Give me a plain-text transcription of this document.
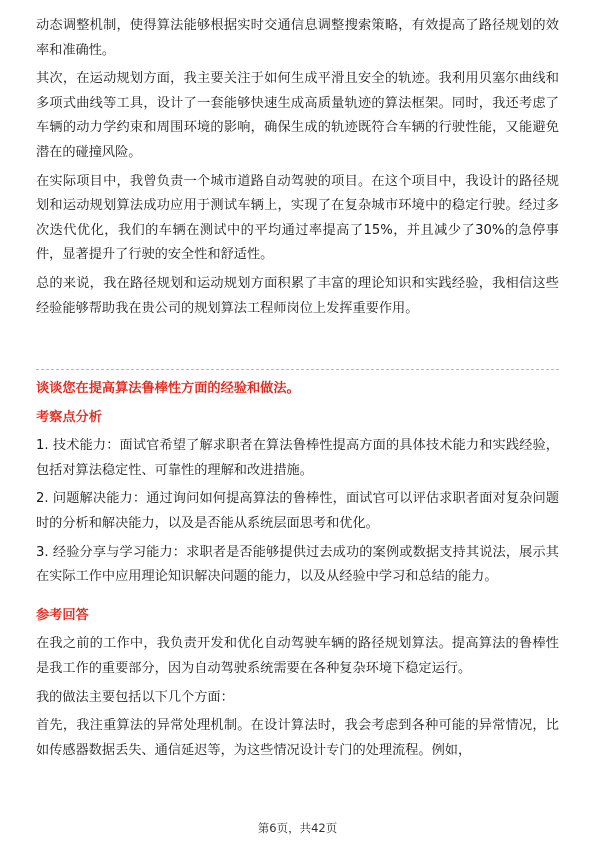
动态调整机制，使得算法能够根据实时交通信息调整搜索策略，有效提高了路径规划的效率和准确性。

其次，在运动规划方面，我主要关注于如何生成平滑且安全的轨迹。我利用贝塞尔曲线和多项式曲线等工具，设计了一套能够快速生成高质量轨迹的算法框架。同时，我还考虑了车辆的动力学约束和周围环境的影响，确保生成的轨迹既符合车辆的行驶性能，又能避免潜在的碰撞风险。

在实际项目中，我曾负责一个城市道路自动驾驶的项目。在这个项目中，我设计的路径规划和运动规划算法成功应用于测试车辆上，实现了在复杂城市环境中的稳定行驶。经过多次迭代优化，我们的车辆在测试中的平均通过率提高了15%，并且减少了30%的急停事件，显著提升了行驶的安全性和舒适性。

总的来说，我在路径规划和运动规划方面积累了丰富的理论知识和实践经验，我相信这些经验能够帮助我在贵公司的规划算法工程师岗位上发挥重要作用。

谈谈您在提高算法鲁棒性方面的经验和做法。

考察点分析

1. 技术能力：面试官希望了解求职者在算法鲁棒性提高方面的具体技术能力和实践经验，包括对算法稳定性、可靠性的理解和改进措施。

2. 问题解决能力：通过询问如何提高算法的鲁棒性，面试官可以评估求职者面对复杂问题时的分析和解决能力，以及是否能从系统层面思考和优化。

3. 经验分享与学习能力：求职者是否能够提供过去成功的案例或数据支持其说法，展示其在实际工作中应用理论知识解决问题的能力，以及从经验中学习和总结的能力。

参考回答

在我之前的工作中，我负责开发和优化自动驾驶车辆的路径规划算法。提高算法的鲁棒性是我工作的重要部分，因为自动驾驶系统需要在各种复杂环境下稳定运行。

我的做法主要包括以下几个方面：

首先，我注重算法的异常处理机制。在设计算法时，我会考虑到各种可能的异常情况，比如传感器数据丢失、通信延迟等，为这些情况设计专门的处理流程。例如，

第6页，共42页
